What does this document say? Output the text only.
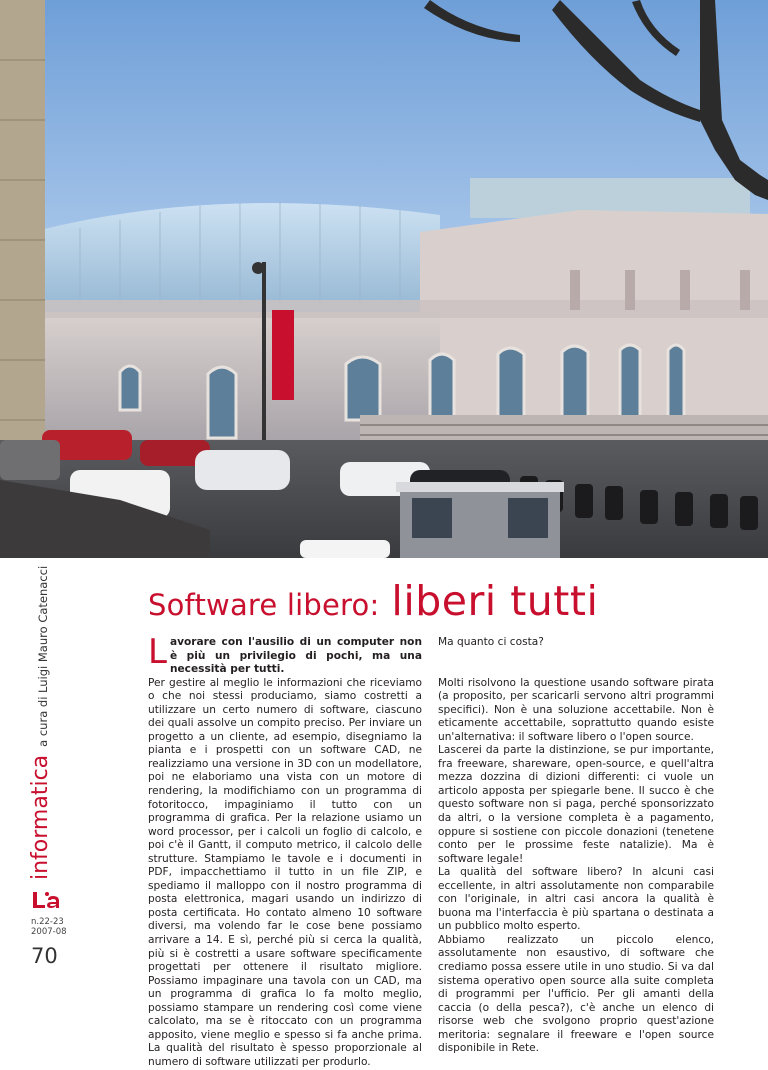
Software libero: liberi tutti
informaticaa cura di Luigi Mauro Catenacci
n.22-23
2007-08
70
L avorare con l'ausilio di un computer non è più un privilegio di pochi, ma una necessità per tutti.

Per gestire al meglio le informazioni che riceviamo o che noi stessi produciamo, siamo costretti a utilizzare un certo numero di software, ciascuno dei quali assolve un compito preciso. Per inviare un progetto a un cliente, ad esempio, disegniamo la pianta e i prospetti con un software CAD, ne realizziamo una versione in 3D con un modellatore, poi ne elaboriamo una vista con un motore di rendering, la modifichiamo con un programma di fotoritocco, impaginiamo il tutto con un programma di grafica. Per la relazione usiamo un word processor, per i calcoli un foglio di calcolo, e poi c'è il Gantt, il computo metrico, il calcolo delle strutture. Stampiamo le tavole e i documenti in PDF, impacchettiamo il tutto in un file ZIP, e spediamo il malloppo con il nostro programma di posta elettronica, magari usando un indirizzo di posta certificata. Ho contato almeno 10 software diversi, ma volendo far le cose bene possiamo arrivare a 14. E sì, perché più si cerca la qualità, più si è costretti a usare software specificamente progettati per ottenere il risultato migliore. Possiamo impaginare una tavola con un CAD, ma un programma di grafica lo fa molto meglio, possiamo stampare un rendering così come viene calcolato, ma se è ritoccato con un programma apposito, viene meglio e spesso si fa anche prima. La qualità del risultato è spesso proporzionale al numero di software utilizzati per produrlo.

Ma quanto ci costa?

Molti risolvono la questione usando software pirata (a proposito, per scaricarli servono altri programmi specifici). Non è una soluzione accettabile. Non è eticamente accettabile, soprattutto quando esiste un'alternativa: il software libero o l'open source.

Lascerei da parte la distinzione, se pur importante, fra freeware, shareware, open-source, e quell'altra mezza dozzina di dizioni differenti: ci vuole un articolo apposta per spiegarle bene. Il succo è che questo software non si paga, perché sponsorizzato da altri, o la versione completa è a pagamento, oppure si sostiene con piccole donazioni (tenetene conto per le prossime feste natalizie). Ma è software legale!

La qualità del software libero? In alcuni casi eccellente, in altri assolutamente non comparabile con l'originale, in altri casi ancora la qualità è buona ma l'interfaccia è più spartana o destinata a un pubblico molto esperto.

Abbiamo realizzato un piccolo elenco, assolutamente non esaustivo, di software che crediamo possa essere utile in uno studio. Si va dal sistema operativo open source alla suite completa di programmi per l'ufficio. Per gli amanti della caccia (o della pesca?), c'è anche un elenco di risorse web che svolgono proprio quest'azione meritoria: segnalare il freeware e l'open source disponibile in Rete.
